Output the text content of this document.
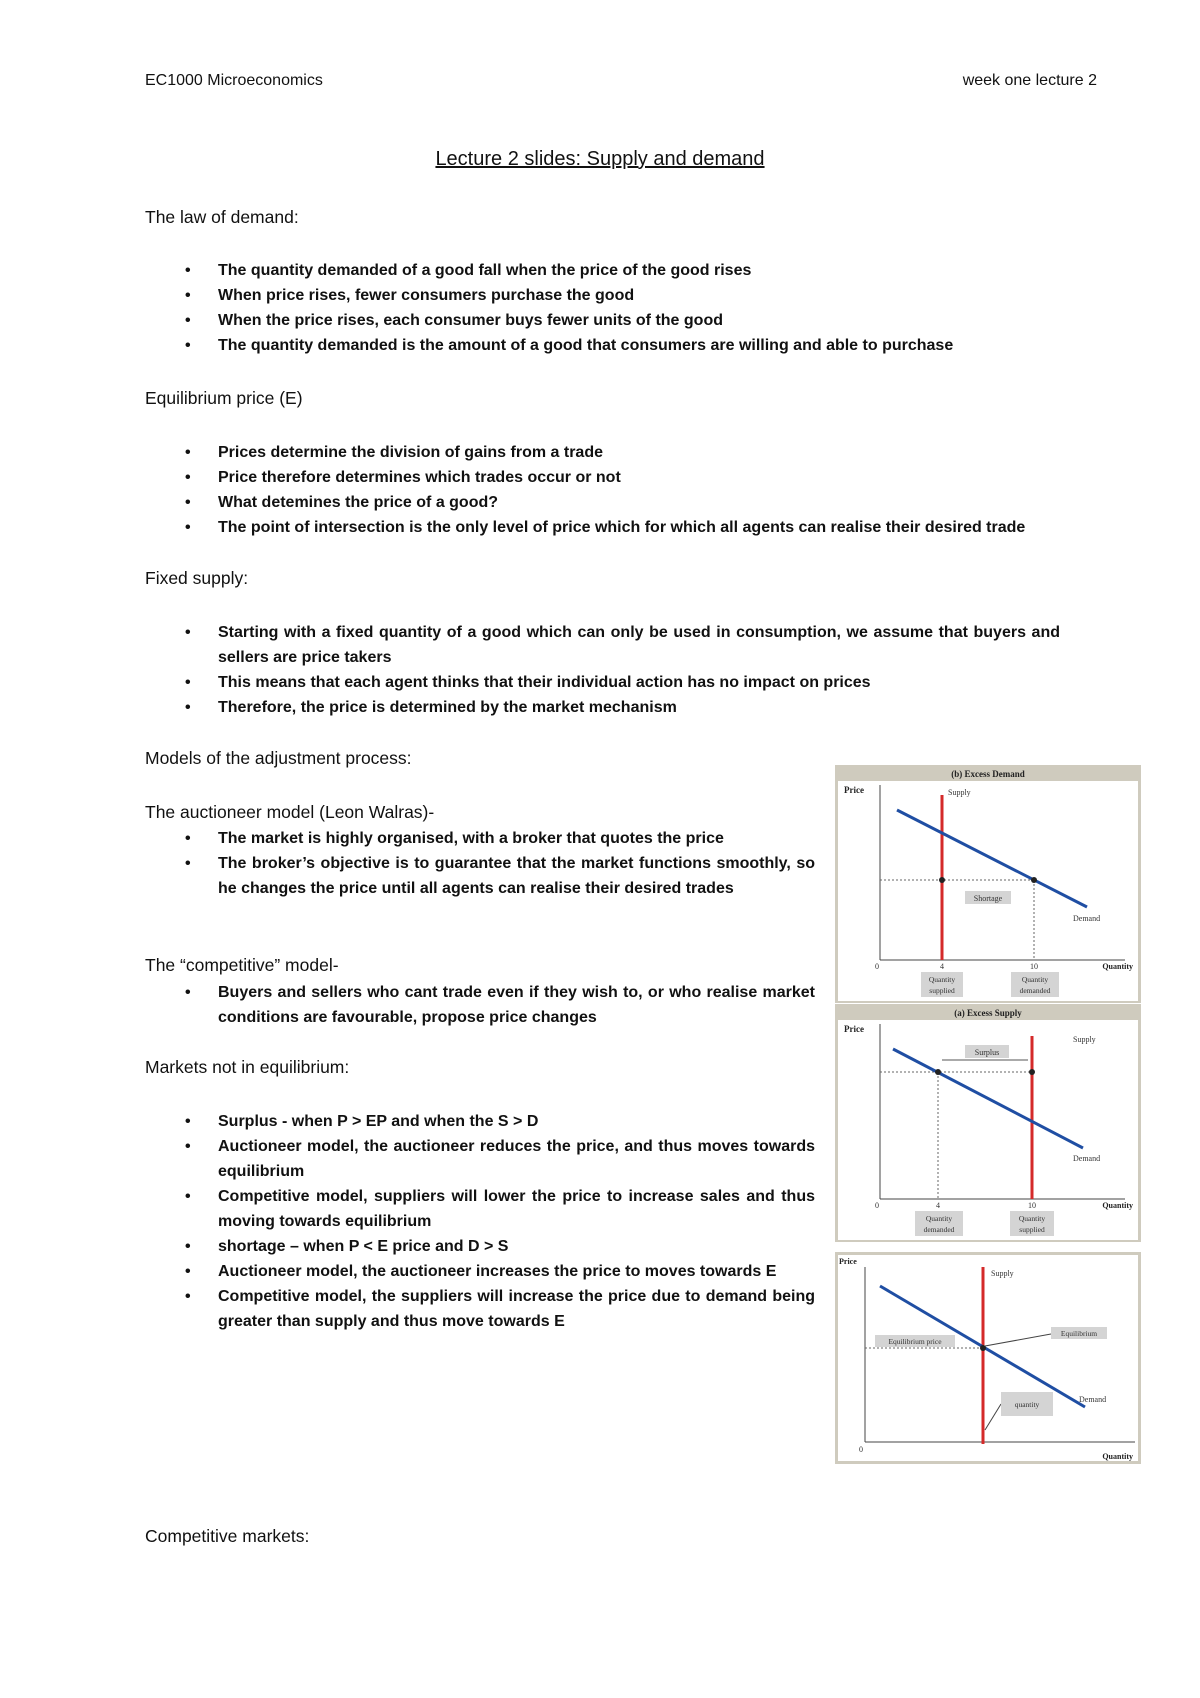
EC1000 Microeconomics	week one lecture 2
Lecture 2 slides: Supply and demand
The law of demand:
• The quantity demanded of a good fall when the price of the good rises
• When price rises, fewer consumers purchase the good
• When the price rises, each consumer buys fewer units of the good
• The quantity demanded is the amount of a good that consumers are willing and able to purchase
Equilibrium price (E)
• Prices determine the division of gains from a trade
• Price therefore determines which trades occur or not
• What detemines the price of a good?
• The point of intersection is the only level of price which for which all agents can realise their desired trade
Fixed supply:
• Starting with a fixed quantity of a good which can only be used in consumption, we assume that buyers and sellers are price takers
• This means that each agent thinks that their individual action has no impact on prices
• Therefore, the price is determined by the market mechanism
Models of the adjustment process:
The auctioneer model (Leon Walras)-
• The market is highly organised, with a broker that quotes the price
• The broker’s objective is to guarantee that the market functions smoothly, so he changes the price until all agents can realise their desired trades
The “competitive” model-
• Buyers and sellers who cant trade even if they wish to, or who realise market conditions are favourable, propose price changes
Markets not in equilibrium:
• Surplus - when P > EP and when the S > D
• Auctioneer model, the auctioneer reduces the price, and thus moves towards equilibrium
• Competitive model, suppliers will lower the price to increase sales and thus moving towards equilibrium
• shortage – when P < E price and D > S
• Auctioneer model, the auctioneer increases the price to moves towards E
• Competitive model, the suppliers will increase the price due to demand being greater than supply and thus move towards E
Competitive markets:
(b) Excess Demand
Price	Supply
Demand
Shortage
0	4	10	Quantity
Quantity
supplied
Quantity
demanded
(a) Excess Supply
Price
Surplus
Supply
Demand
0	4	10	Quantity
Quantity
demanded
Quantity
supplied
Price
Equilibrium price
Equilibrium
Supply
Demand
quantity
0
Quantity
